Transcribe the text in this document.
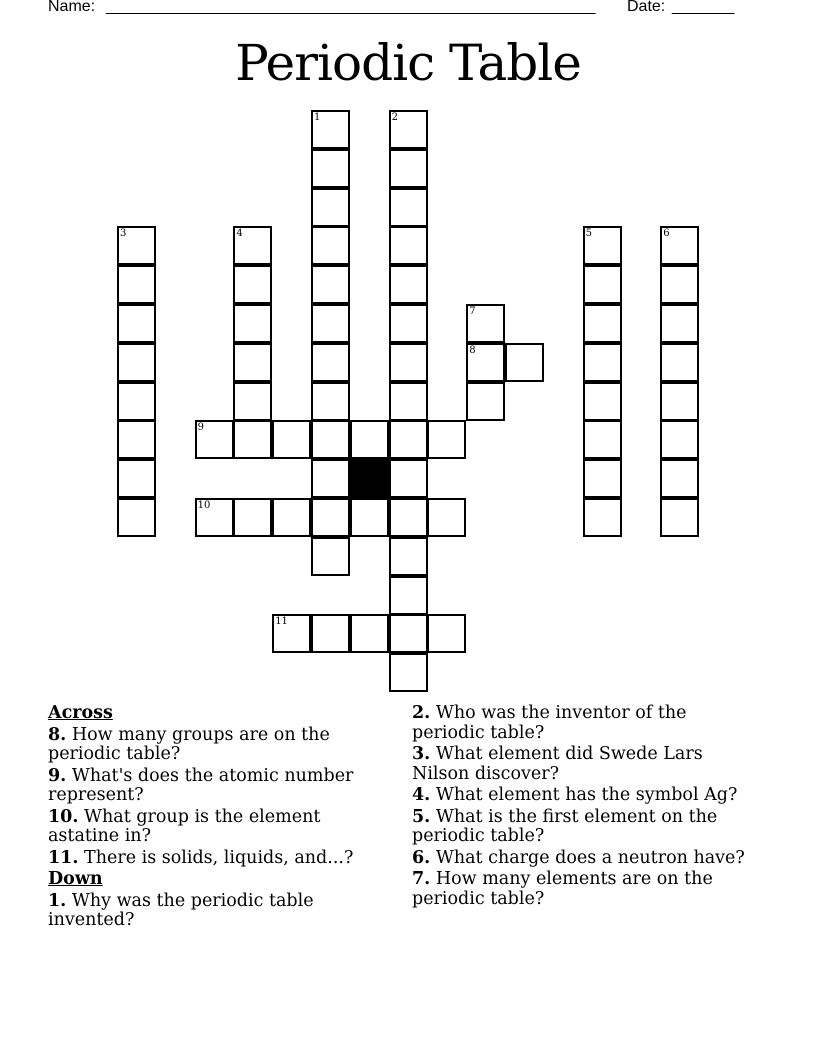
Name: _______________________________________________________ Date: _______
Periodic Table
1	2
3	4	5	6
7
8
9
10
11
Across
8. How many groups are on the periodic table?
9. What's does the atomic number represent?
10. What group is the element astatine in?
11. There is solids, liquids, and...?
Down
1. Why was the periodic table invented?
2. Who was the inventor of the periodic table?
3. What element did Swede Lars Nilson discover?
4. What element has the symbol Ag?
5. What is the first element on the periodic table?
6. What charge does a neutron have?
7. How many elements are on the periodic table?
